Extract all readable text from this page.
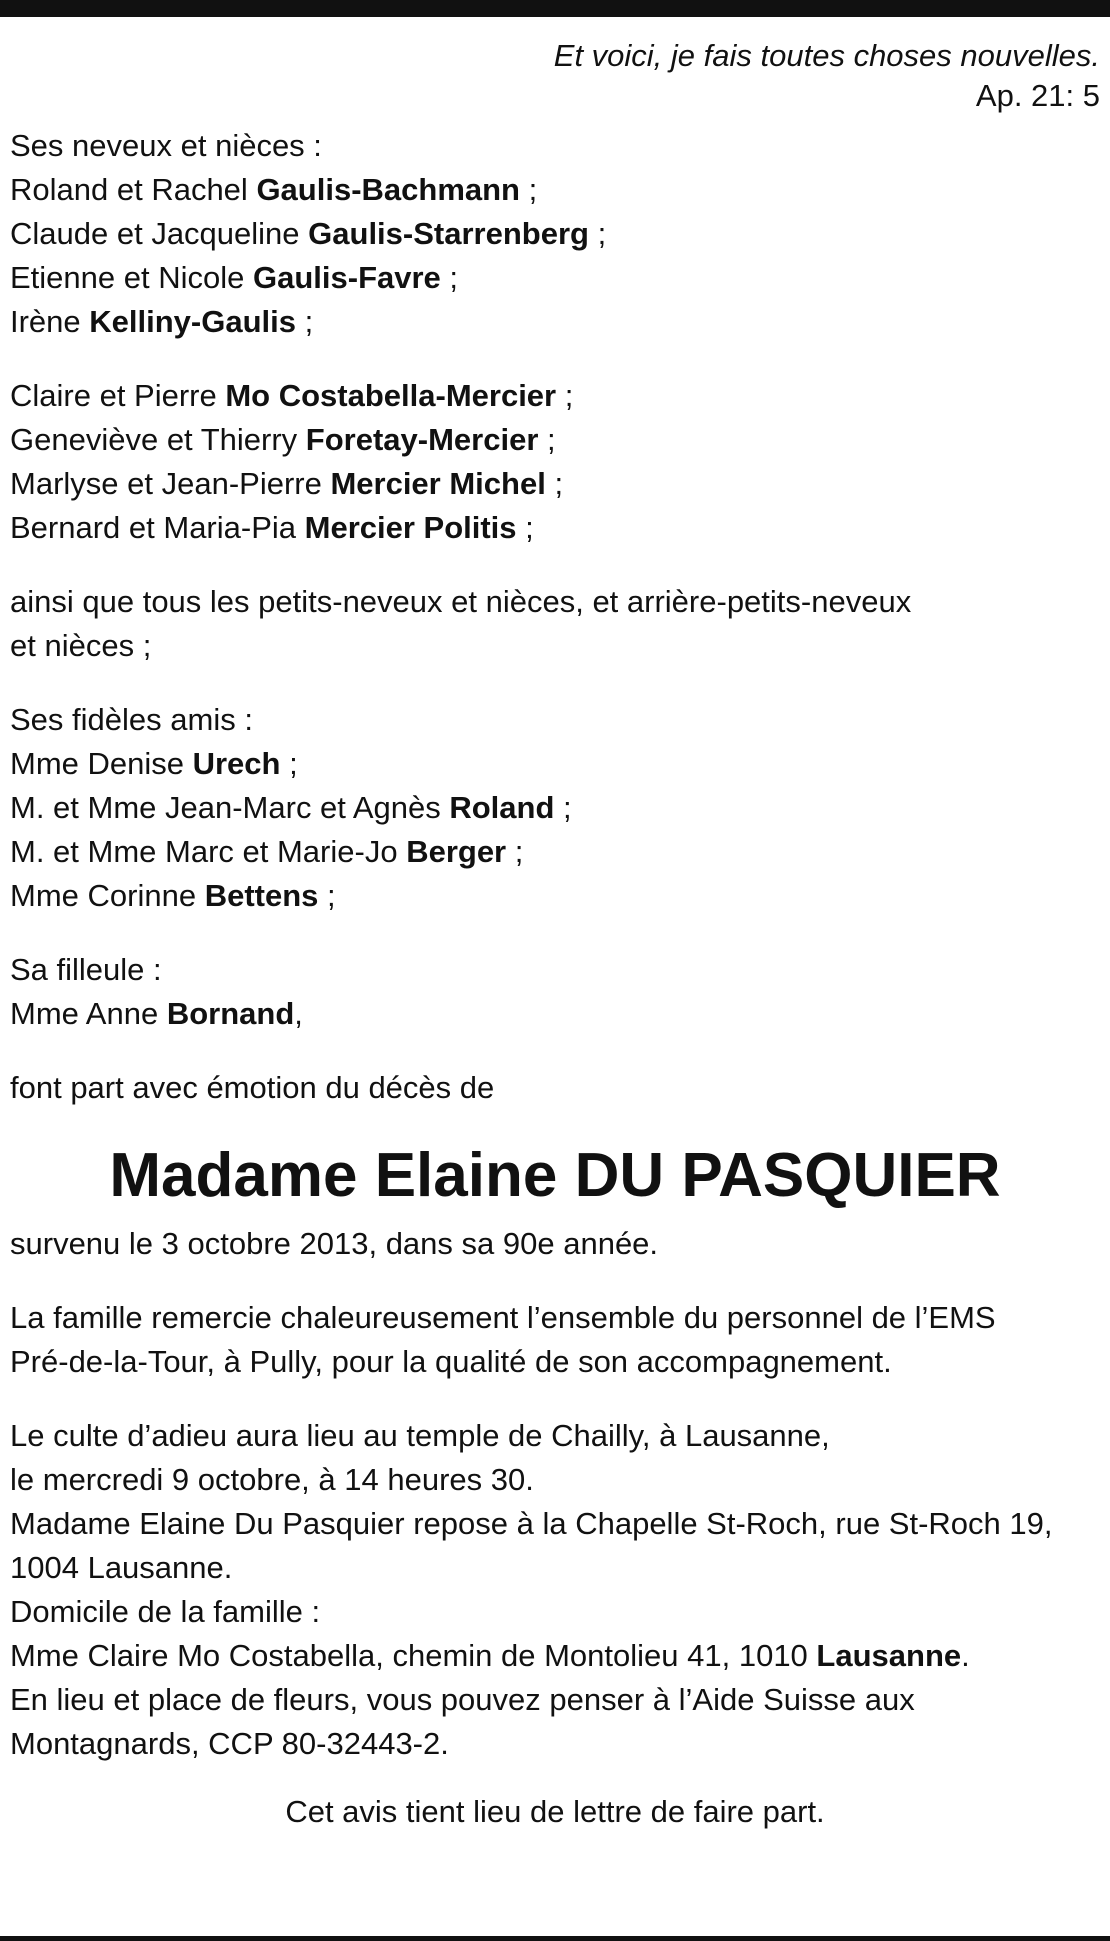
Et voici, je fais toutes choses nouvelles.
Ap. 21: 5
Ses neveux et nièces :
Roland et Rachel Gaulis-Bachmann ;
Claude et Jacqueline Gaulis-Starrenberg ;
Etienne et Nicole Gaulis-Favre ;
Irène Kelliny-Gaulis ;
Claire et Pierre Mo Costabella-Mercier ;
Geneviève et Thierry Foretay-Mercier ;
Marlyse et Jean-Pierre Mercier Michel ;
Bernard et Maria-Pia Mercier Politis ;
ainsi que tous les petits-neveux et nièces, et arrière-petits-neveux
et nièces ;
Ses fidèles amis :
Mme Denise Urech ;
M. et Mme Jean-Marc et Agnès Roland ;
M. et Mme Marc et Marie-Jo Berger ;
Mme Corinne Bettens ;
Sa filleule :
Mme Anne Bornand,
font part avec émotion du décès de
Madame Elaine DU PASQUIER
survenu le 3 octobre 2013, dans sa 90e année.
La famille remercie chaleureusement l’ensemble du personnel de l’EMS
Pré-de-la-Tour, à Pully, pour la qualité de son accompagnement.
Le culte d’adieu aura lieu au temple de Chailly, à Lausanne,
le mercredi 9 octobre, à 14 heures 30.
Madame Elaine Du Pasquier repose à la Chapelle St-Roch, rue St-Roch 19,
1004 Lausanne.
Domicile de la famille :
Mme Claire Mo Costabella, chemin de Montolieu 41, 1010 Lausanne.
En lieu et place de fleurs, vous pouvez penser à l’Aide Suisse aux
Montagnards, CCP 80-32443-2.
Cet avis tient lieu de lettre de faire part.
